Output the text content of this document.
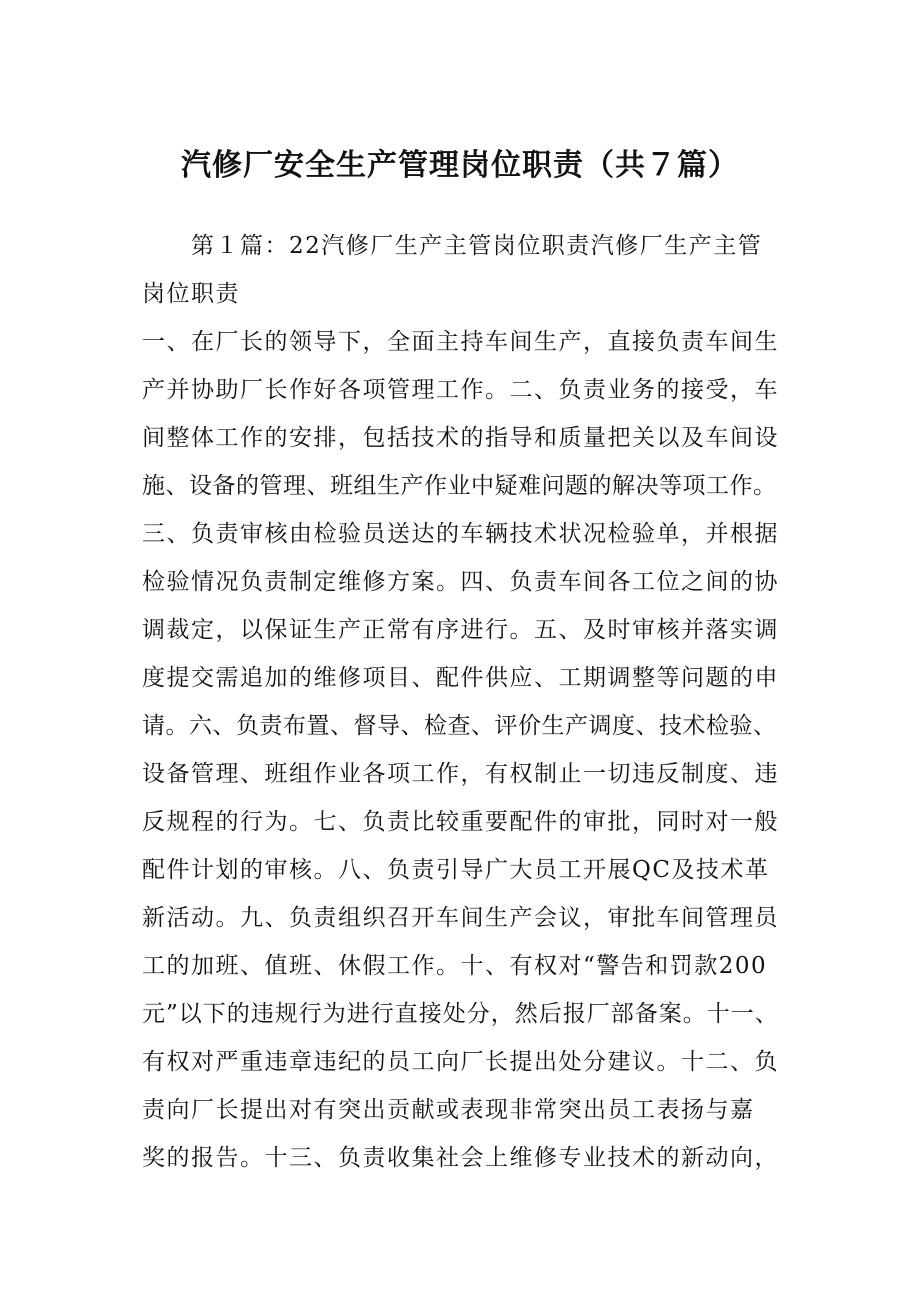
汽修厂安全生产管理岗位职责（共７篇）

　　第１篇：22汽修厂生产主管岗位职责汽修厂生产主管

岗位职责

一、在厂长的领导下，全面主持车间生产，直接负责车间生

产并协助厂长作好各项管理工作。二、负责业务的接受，车

间整体工作的安排，包括技术的指导和质量把关以及车间设

施、设备的管理、班组生产作业中疑难问题的解决等项工作。

三、负责审核由检验员送达的车辆技术状况检验单，并根据

检验情况负责制定维修方案。四、负责车间各工位之间的协

调裁定，以保证生产正常有序进行。五、及时审核并落实调

度提交需追加的维修项目、配件供应、工期调整等问题的申

请。六、负责布置、督导、检查、评价生产调度、技术检验、

设备管理、班组作业各项工作，有权制止一切违反制度、违

反规程的行为。七、负责比较重要配件的审批，同时对一般

配件计划的审核。八、负责引导广大员工开展QC及技术革

新活动。九、负责组织召开车间生产会议，审批车间管理员

工的加班、值班、休假工作。十、有权对“警告和罚款200

元”以下的违规行为进行直接处分，然后报厂部备案。十一、

有权对严重违章违纪的员工向厂长提出处分建议。十二、负

责向厂长提出对有突出贡献或表现非常突出员工表扬与嘉

奖的报告。十三、负责收集社会上维修专业技术的新动向，
